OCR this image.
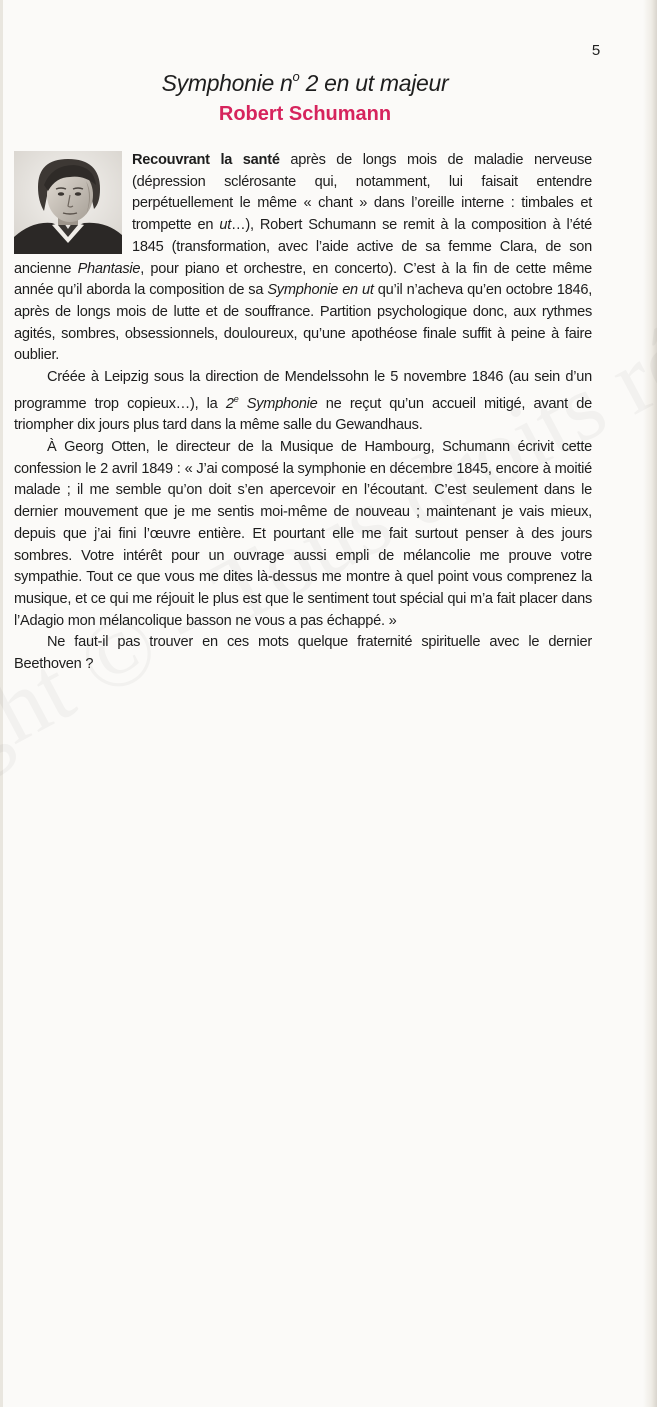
5
Symphonie $n^o$ 2 en ut majeur
Robert Schumann

Recouvrant la santé après de longs mois de maladie nerveuse (dépression sclérosante qui, notamment, lui faisait entendre perpétuellement le même « chant » dans l’oreille interne : timbales et trompette en ut…), Robert Schumann se remit à la composition à l’été 1845 (transformation, avec l’aide active de sa femme Clara, de son ancienne Phantasie, pour piano et orchestre, en concerto). C’est à la fin de cette même année qu’il aborda la composition de sa Symphonie en ut qu’il n’acheva qu’en octobre 1846, après de longs mois de lutte et de souffrance. Partition psychologique donc, aux rythmes agités, sombres, obsessionnels, douloureux, qu’une apothéose finale suffit à peine à faire oublier.

Créée à Leipzig sous la direction de Mendelssohn le 5 novembre 1846 (au sein d’un programme trop copieux…), la 2e Symphonie ne reçut qu’un accueil mitigé, avant de triompher dix jours plus tard dans la même salle du Gewandhaus.

À Georg Otten, le directeur de la Musique de Hambourg, Schumann écrivit cette confession le 2 avril 1849 : « J’ai composé la symphonie en décembre 1845, encore à moitié malade ; il me semble qu’on doit s’en apercevoir en l’écoutant. C’est seulement dans le dernier mouvement que je me sentis moi-même de nouveau ; maintenant je vais mieux, depuis que j’ai fini l’œuvre entière. Et pourtant elle me fait surtout penser à des jours sombres. Votre intérêt pour un ouvrage aussi empli de mélancolie me prouve votre sympathie. Tout ce que vous me dites là-dessus me montre à quel point vous comprenez la musique, et ce qui me réjouit le plus est que le sentiment tout spécial qui m’a fait placer dans l’Adagio mon mélancolique basson ne vous a pas échappé. »

Ne faut-il pas trouver en ces mots quelque fraternité spirituelle avec le dernier Beethoven ?
